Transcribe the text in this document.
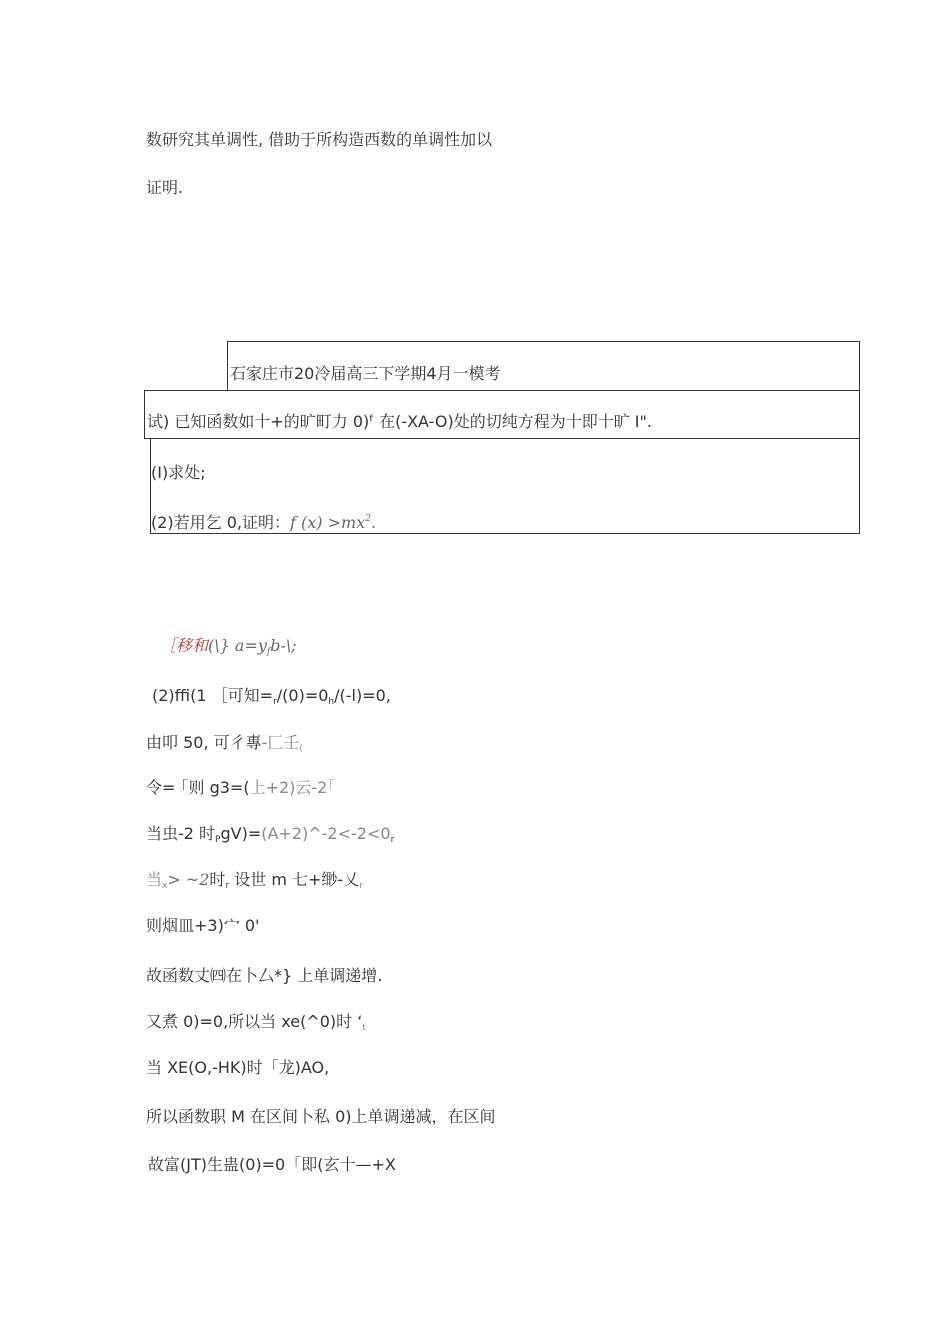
数研究其单调性, 借助于所构造西数的单调性加以
证明.
石家庄市20冷届高三下学期4月一模考
试) 已知函数如十+的旷町力 0)ᶠ 在(-XA-O)处的切纯方程为十即十旷 I".
(I)求处;
(2)若用乞 0,证明：f $(x) >mx^2$.
［移和(\} $a=y_fb-\backslash$;
(2)ffi(1 ［可知$=_r/(0)=0_h/(-l)=0$,
由叩 50, 可彳專-匚壬$_($
令= ｢则 g3=(上+2)云-2｢
当虫-2 时$_PgV)=(A+2)\^{}-2<-2<0_r$
当$_x$> ~2时$_r$ 设世 m 七+缈-乂$_r$
则烟皿+3)宀 0'
故函数丈㈣在卜厶*} 上单调递增.
又煮 0)=0,所以当 xe(^0)时 ‘$_t$
当 XE(O,-HK)时「龙)AO,
所以函数职 M 在区间卜私 0)上单调递减，在区间
故富(JT)生蛊(0)=0「即(玄十—+X
